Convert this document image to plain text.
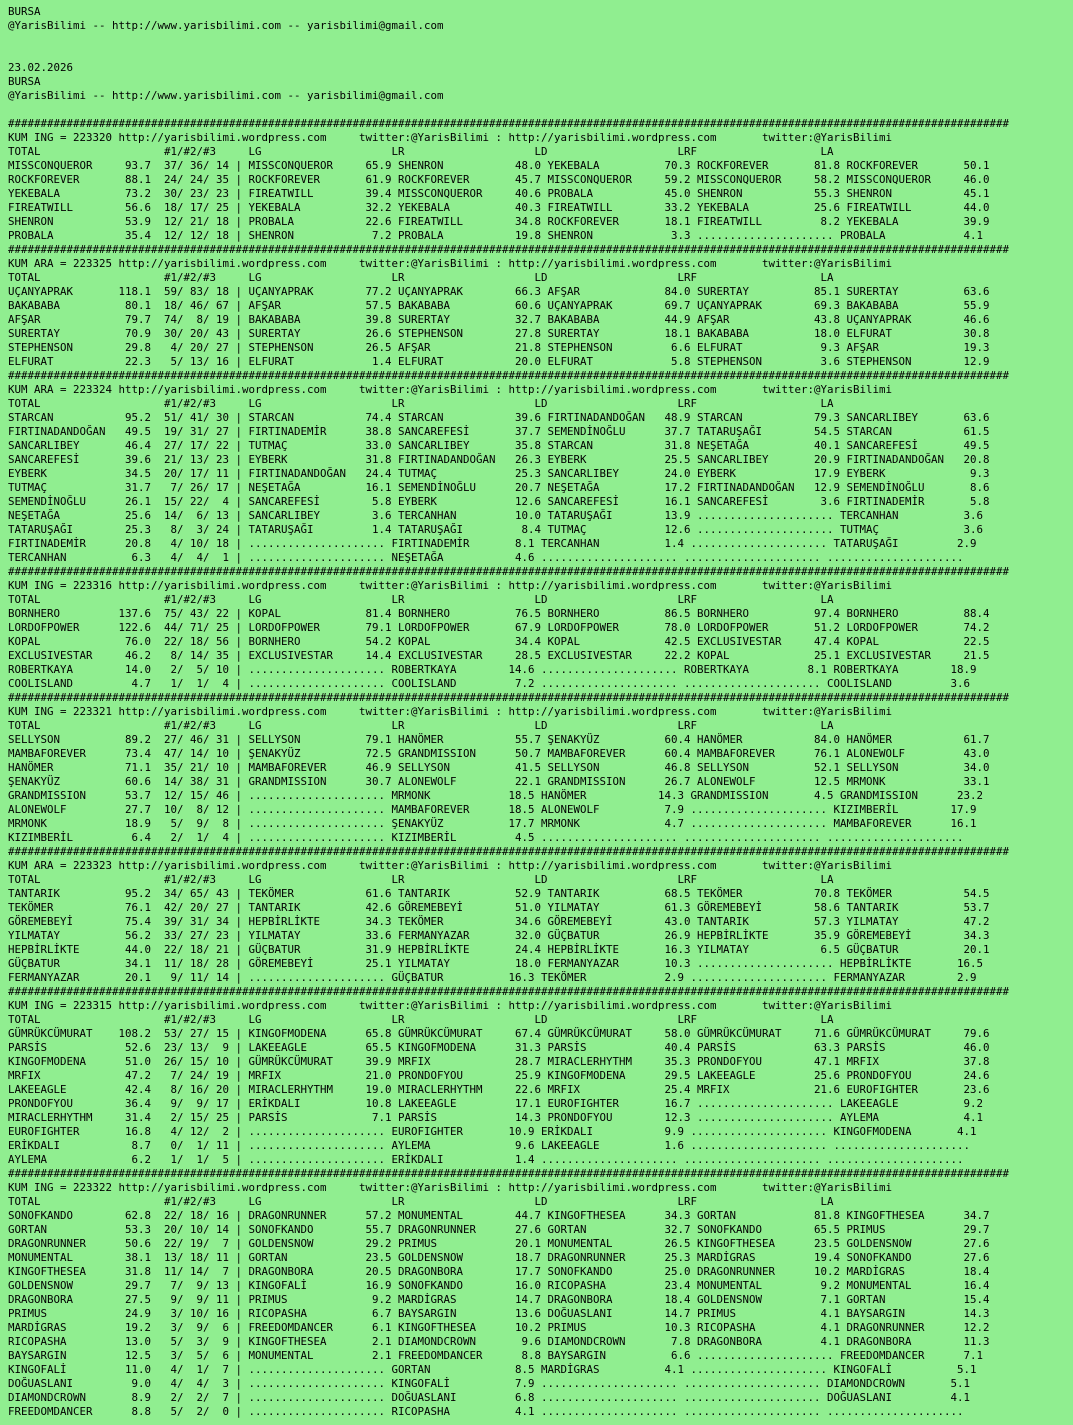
BURSA
@YarisBilimi -- http://www.yarisbilimi.com -- yarisbilimi@gmail.com
23.02.2026
BURSA
@YarisBilimi -- http://www.yarisbilimi.com -- yarisbilimi@gmail.com
##########################################################################################################################################################
KUM ING = 223320 http://yarisbilimi.wordpress.com     twitter:@YarisBilimi : http://yarisbilimi.wordpress.com       twitter:@YarisBilimi
TOTAL                   #1/#2/#3     LG                    LR                    LD                    LRF                   LA
MISSCONQUEROR     93.7  37/ 36/ 14 | MISSCONQUEROR     65.9 SHENRON           48.0 YEKEBALA          70.3 ROCKFOREVER       81.8 ROCKFOREVER       50.1
ROCKFOREVER       88.1  24/ 24/ 35 | ROCKFOREVER       61.9 ROCKFOREVER       45.7 MISSCONQUEROR     59.2 MISSCONQUEROR     58.2 MISSCONQUEROR     46.0
YEKEBALA          73.2  30/ 23/ 23 | FIREATWILL        39.4 MISSCONQUEROR     40.6 PROBALA           45.0 SHENRON           55.3 SHENRON           45.1
FIREATWILL        56.6  18/ 17/ 25 | YEKEBALA          32.2 YEKEBALA          40.3 FIREATWILL        33.2 YEKEBALA          25.6 FIREATWILL        44.0
SHENRON           53.9  12/ 21/ 18 | PROBALA           22.6 FIREATWILL        34.8 ROCKFOREVER       18.1 FIREATWILL         8.2 YEKEBALA          39.9
PROBALA           35.4  12/ 12/ 18 | SHENRON            7.2 PROBALA           19.8 SHENRON            3.3 ..................... PROBALA            4.1
##########################################################################################################################################################
KUM ARA = 223325 http://yarisbilimi.wordpress.com     twitter:@YarisBilimi : http://yarisbilimi.wordpress.com       twitter:@YarisBilimi
TOTAL                   #1/#2/#3     LG                    LR                    LD                    LRF                   LA
UÇANYAPRAK       118.1  59/ 83/ 18 | UÇANYAPRAK        77.2 UÇANYAPRAK        66.3 AFŞAR             84.0 SURERTAY          85.1 SURERTAY          63.6
BAKABABA          80.1  18/ 46/ 67 | AFŞAR             57.5 BAKABABA          60.6 UÇANYAPRAK        69.7 UÇANYAPRAK        69.3 BAKABABA          55.9
AFŞAR             79.7  74/  8/ 19 | BAKABABA          39.8 SURERTAY          32.7 BAKABABA          44.9 AFŞAR             43.8 UÇANYAPRAK        46.6
SURERTAY          70.9  30/ 20/ 43 | SURERTAY          26.6 STEPHENSON        27.8 SURERTAY          18.1 BAKABABA          18.0 ELFURAT           30.8
STEPHENSON        29.8   4/ 20/ 27 | STEPHENSON        26.5 AFŞAR             21.8 STEPHENSON         6.6 ELFURAT            9.3 AFŞAR             19.3
ELFURAT           22.3   5/ 13/ 16 | ELFURAT            1.4 ELFURAT           20.0 ELFURAT            5.8 STEPHENSON         3.6 STEPHENSON        12.9
##########################################################################################################################################################
KUM ARA = 223324 http://yarisbilimi.wordpress.com     twitter:@YarisBilimi : http://yarisbilimi.wordpress.com       twitter:@YarisBilimi
TOTAL                   #1/#2/#3     LG                    LR                    LD                    LRF                   LA
STARCAN           95.2  51/ 41/ 30 | STARCAN           74.4 STARCAN           39.6 FIRTINADANDOĞAN   48.9 STARCAN           79.3 SANCARLIBEY       63.6
FIRTINADANDOĞAN   49.5  19/ 31/ 27 | FIRTINADEMİR      38.8 SANCAREFESİ       37.7 SEMENDİNOĞLU      37.7 TATARUŞAĞI        54.5 STARCAN           61.5
SANCARLIBEY       46.4  27/ 17/ 22 | TUTMAÇ            33.0 SANCARLIBEY       35.8 STARCAN           31.8 NEŞETAĞA          40.1 SANCAREFESİ       49.5
SANCAREFESİ       39.6  21/ 13/ 23 | EYBERK            31.8 FIRTINADANDOĞAN   26.3 EYBERK            25.5 SANCARLIBEY       20.9 FIRTINADANDOĞAN   20.8
EYBERK            34.5  20/ 17/ 11 | FIRTINADANDOĞAN   24.4 TUTMAÇ            25.3 SANCARLIBEY       24.0 EYBERK            17.9 EYBERK             9.3
TUTMAÇ            31.7   7/ 26/ 17 | NEŞETAĞA          16.1 SEMENDİNOĞLU      20.7 NEŞETAĞA          17.2 FIRTINADANDOĞAN   12.9 SEMENDİNOĞLU       8.6
SEMENDİNOĞLU      26.1  15/ 22/  4 | SANCAREFESİ        5.8 EYBERK            12.6 SANCAREFESİ       16.1 SANCAREFESİ        3.6 FIRTINADEMİR       5.8
NEŞETAĞA          25.6  14/  6/ 13 | SANCARLIBEY        3.6 TERCANHAN         10.0 TATARUŞAĞI        13.9 ..................... TERCANHAN          3.6
TATARUŞAĞI        25.3   8/  3/ 24 | TATARUŞAĞI         1.4 TATARUŞAĞI         8.4 TUTMAÇ            12.6 ..................... TUTMAÇ             3.6
FIRTINADEMİR      20.8   4/ 10/ 18 | ..................... FIRTINADEMİR       8.1 TERCANHAN          1.4 ..................... TATARUŞAĞI         2.9
TERCANHAN          6.3   4/  4/  1 | ..................... NEŞETAĞA           4.6 ..................... ..................... .....................
##########################################################################################################################################################
KUM ING = 223316 http://yarisbilimi.wordpress.com     twitter:@YarisBilimi : http://yarisbilimi.wordpress.com       twitter:@YarisBilimi
TOTAL                   #1/#2/#3     LG                    LR                    LD                    LRF                   LA
BORNHERO         137.6  75/ 43/ 22 | KOPAL             81.4 BORNHERO          76.5 BORNHERO          86.5 BORNHERO          97.4 BORNHERO          88.4
LORDOFPOWER      122.6  44/ 71/ 25 | LORDOFPOWER       79.1 LORDOFPOWER       67.9 LORDOFPOWER       78.0 LORDOFPOWER       51.2 LORDOFPOWER       74.2
KOPAL             76.0  22/ 18/ 56 | BORNHERO          54.2 KOPAL             34.4 KOPAL             42.5 EXCLUSIVESTAR     47.4 KOPAL             22.5
EXCLUSIVESTAR     46.2   8/ 14/ 35 | EXCLUSIVESTAR     14.4 EXCLUSIVESTAR     28.5 EXCLUSIVESTAR     22.2 KOPAL             25.1 EXCLUSIVESTAR     21.5
ROBERTKAYA        14.0   2/  5/ 10 | ..................... ROBERTKAYA        14.6 ..................... ROBERTKAYA         8.1 ROBERTKAYA        18.9
COOLISLAND         4.7   1/  1/  4 | ..................... COOLISLAND         7.2 ..................... ..................... COOLISLAND         3.6
##########################################################################################################################################################
KUM ING = 223321 http://yarisbilimi.wordpress.com     twitter:@YarisBilimi : http://yarisbilimi.wordpress.com       twitter:@YarisBilimi
TOTAL                   #1/#2/#3     LG                    LR                    LD                    LRF                   LA
SELLYSON          89.2  27/ 46/ 31 | SELLYSON          79.1 HANÖMER           55.7 ŞENAKYÜZ          60.4 HANÖMER           84.0 HANÖMER           61.7
MAMBAFOREVER      73.4  47/ 14/ 10 | ŞENAKYÜZ          72.5 GRANDMISSION      50.7 MAMBAFOREVER      60.4 MAMBAFOREVER      76.1 ALONEWOLF         43.0
HANÖMER           71.1  35/ 21/ 10 | MAMBAFOREVER      46.9 SELLYSON          41.5 SELLYSON          46.8 SELLYSON          52.1 SELLYSON          34.0
ŞENAKYÜZ          60.6  14/ 38/ 31 | GRANDMISSION      30.7 ALONEWOLF         22.1 GRANDMISSION      26.7 ALONEWOLF         12.5 MRMONK            33.1
GRANDMISSION      53.7  12/ 15/ 46 | ..................... MRMONK            18.5 HANÖMER           14.3 GRANDMISSION       4.5 GRANDMISSION      23.2
ALONEWOLF         27.7  10/  8/ 12 | ..................... MAMBAFOREVER      18.5 ALONEWOLF          7.9 ..................... KIZIMBERİL        17.9
MRMONK            18.9   5/  9/  8 | ..................... ŞENAKYÜZ          17.7 MRMONK             4.7 ..................... MAMBAFOREVER      16.1
KIZIMBERİL         6.4   2/  1/  4 | ..................... KIZIMBERİL         4.5 ..................... ..................... .....................
##########################################################################################################################################################
KUM ARA = 223323 http://yarisbilimi.wordpress.com     twitter:@YarisBilimi : http://yarisbilimi.wordpress.com       twitter:@YarisBilimi
TOTAL                   #1/#2/#3     LG                    LR                    LD                    LRF                   LA
TANTARIK          95.2  34/ 65/ 43 | TEKÖMER           61.6 TANTARIK          52.9 TANTARIK          68.5 TEKÖMER           70.8 TEKÖMER           54.5
TEKÖMER           76.1  42/ 20/ 27 | TANTARIK          42.6 GÖREMEBEYİ        51.0 YILMATAY          61.3 GÖREMEBEYİ        58.6 TANTARIK          53.7
GÖREMEBEYİ        75.4  39/ 31/ 34 | HEPBİRLİKTE       34.3 TEKÖMER           34.6 GÖREMEBEYİ        43.0 TANTARIK          57.3 YILMATAY          47.2
YILMATAY          56.2  33/ 27/ 23 | YILMATAY          33.6 FERMANYAZAR       32.0 GÜÇBATUR          26.9 HEPBİRLİKTE       35.9 GÖREMEBEYİ        34.3
HEPBİRLİKTE       44.0  22/ 18/ 21 | GÜÇBATUR          31.9 HEPBİRLİKTE       24.4 HEPBİRLİKTE       16.3 YILMATAY           6.5 GÜÇBATUR          20.1
GÜÇBATUR          34.1  11/ 18/ 28 | GÖREMEBEYİ        25.1 YILMATAY          18.0 FERMANYAZAR       10.3 ..................... HEPBİRLİKTE       16.5
FERMANYAZAR       20.1   9/ 11/ 14 | ..................... GÜÇBATUR          16.3 TEKÖMER            2.9 ..................... FERMANYAZAR        2.9
##########################################################################################################################################################
KUM ING = 223315 http://yarisbilimi.wordpress.com     twitter:@YarisBilimi : http://yarisbilimi.wordpress.com       twitter:@YarisBilimi
TOTAL                   #1/#2/#3     LG                    LR                    LD                    LRF                   LA
GÜMRÜKCÜMURAT    108.2  53/ 27/ 15 | KINGOFMODENA      65.8 GÜMRÜKCÜMURAT     67.4 GÜMRÜKCÜMURAT     58.0 GÜMRÜKCÜMURAT     71.6 GÜMRÜKCÜMURAT     79.6
PARSİS            52.6  23/ 13/  9 | LAKEEAGLE         65.5 KINGOFMODENA      31.3 PARSİS            40.4 PARSİS            63.3 PARSİS            46.0
KINGOFMODENA      51.0  26/ 15/ 10 | GÜMRÜKCÜMURAT     39.9 MRFIX             28.7 MIRACLERHYTHM     35.3 PRONDOFYOU        47.1 MRFIX             37.8
MRFIX             47.2   7/ 24/ 19 | MRFIX             21.0 PRONDOFYOU        25.9 KINGOFMODENA      29.5 LAKEEAGLE         25.6 PRONDOFYOU        24.6
LAKEEAGLE         42.4   8/ 16/ 20 | MIRACLERHYTHM     19.0 MIRACLERHYTHM     22.6 MRFIX             25.4 MRFIX             21.6 EUROFIGHTER       23.6
PRONDOFYOU        36.4   9/  9/ 17 | ERİKDALI          10.8 LAKEEAGLE         17.1 EUROFIGHTER       16.7 ..................... LAKEEAGLE          9.2
MIRACLERHYTHM     31.4   2/ 15/ 25 | PARSİS             7.1 PARSİS            14.3 PRONDOFYOU        12.3 ..................... AYLEMA             4.1
EUROFIGHTER       16.8   4/ 12/  2 | ..................... EUROFIGHTER       10.9 ERİKDALI           9.9 ..................... KINGOFMODENA       4.1
ERİKDALI           8.7   0/  1/ 11 | ..................... AYLEMA             9.6 LAKEEAGLE          1.6 ..................... .....................
AYLEMA             6.2   1/  1/  5 | ..................... ERİKDALI           1.4 ..................... ..................... .....................
##########################################################################################################################################################
KUM ING = 223322 http://yarisbilimi.wordpress.com     twitter:@YarisBilimi : http://yarisbilimi.wordpress.com       twitter:@YarisBilimi
TOTAL                   #1/#2/#3     LG                    LR                    LD                    LRF                   LA
SONOFKANDO        62.8  22/ 18/ 16 | DRAGONRUNNER      57.2 MONUMENTAL        44.7 KINGOFTHESEA      34.3 GORTAN            81.8 KINGOFTHESEA      34.7
GORTAN            53.3  20/ 10/ 14 | SONOFKANDO        55.7 DRAGONRUNNER      27.6 GORTAN            32.7 SONOFKANDO        65.5 PRIMUS            29.7
DRAGONRUNNER      50.6  22/ 19/  7 | GOLDENSNOW        29.2 PRIMUS            20.1 MONUMENTAL        26.5 KINGOFTHESEA      23.5 GOLDENSNOW        27.6
MONUMENTAL        38.1  13/ 18/ 11 | GORTAN            23.5 GOLDENSNOW        18.7 DRAGONRUNNER      25.3 MARDİGRAS         19.4 SONOFKANDO        27.6
KINGOFTHESEA      31.8  11/ 14/  7 | DRAGONBORA        20.5 DRAGONBORA        17.7 SONOFKANDO        25.0 DRAGONRUNNER      10.2 MARDİGRAS         18.4
GOLDENSNOW        29.7   7/  9/ 13 | KINGOFALİ         16.9 SONOFKANDO        16.0 RICOPASHA         23.4 MONUMENTAL         9.2 MONUMENTAL        16.4
DRAGONBORA        27.5   9/  9/ 11 | PRIMUS             9.2 MARDİGRAS         14.7 DRAGONBORA        18.4 GOLDENSNOW         7.1 GORTAN            15.4
PRIMUS            24.9   3/ 10/ 16 | RICOPASHA          6.7 BAYSARGIN         13.6 DOĞUASLANI        14.7 PRIMUS             4.1 BAYSARGIN         14.3
MARDİGRAS         19.2   3/  9/  6 | FREEDOMDANCER      6.1 KINGOFTHESEA      10.2 PRIMUS            10.3 RICOPASHA          4.1 DRAGONRUNNER      12.2
RICOPASHA         13.0   5/  3/  9 | KINGOFTHESEA       2.1 DIAMONDCROWN       9.6 DIAMONDCROWN       7.8 DRAGONBORA         4.1 DRAGONBORA        11.3
BAYSARGIN         12.5   3/  5/  6 | MONUMENTAL         2.1 FREEDOMDANCER      8.8 BAYSARGIN          6.6 ..................... FREEDOMDANCER      7.1
KINGOFALİ         11.0   4/  1/  7 | ..................... GORTAN             8.5 MARDİGRAS          4.1 ..................... KINGOFALİ          5.1
DOĞUASLANI         9.0   4/  4/  3 | ..................... KINGOFALİ          7.9 ..................... ..................... DIAMONDCROWN       5.1
DIAMONDCROWN       8.9   2/  2/  7 | ..................... DOĞUASLANI         6.8 ..................... ..................... DOĞUASLANI         4.1
FREEDOMDANCER      8.8   5/  2/  0 | ..................... RICOPASHA          4.1 ..................... ..................... .....................
